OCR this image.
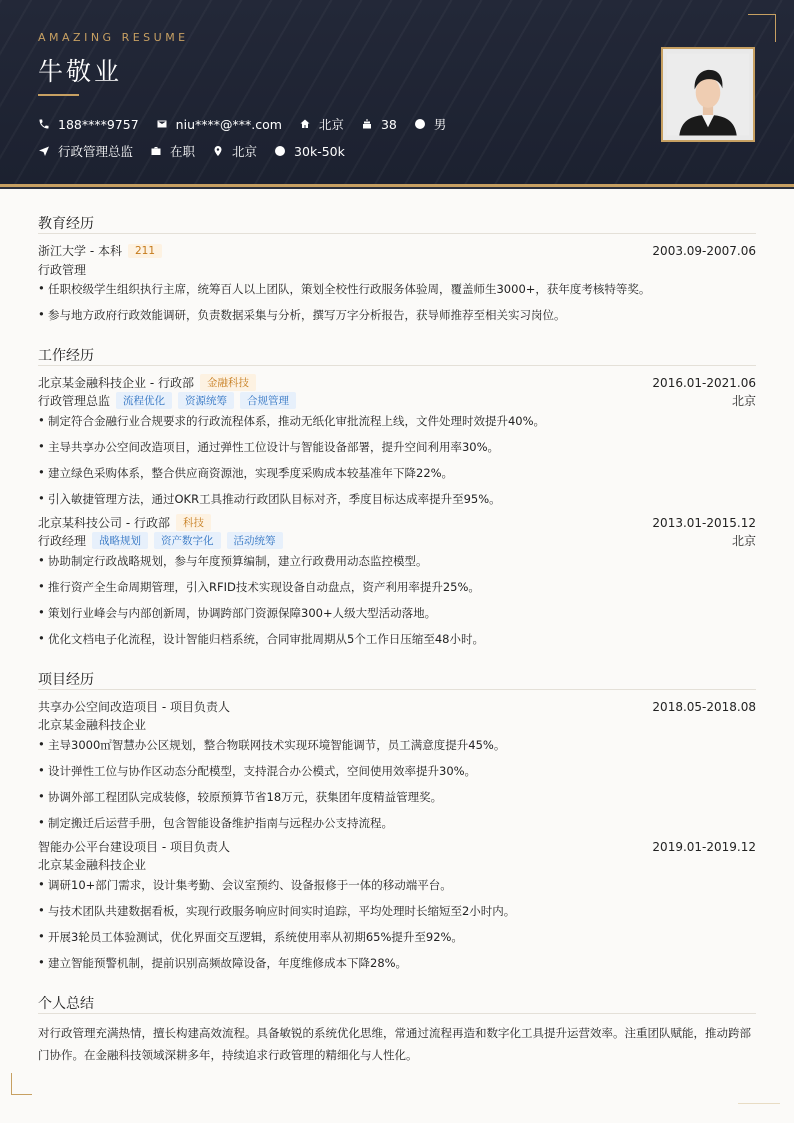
AMAZING RESUME
牛敬业
188****9757	niu****@***.com	北京	38	男
行政管理总监	在职	北京	30k-50k
教育经历
浙江大学 - 本科	211	2003.09-2007.06
行政管理
• 任职校级学生组织执行主席，统筹百人以上团队，策划全校性行政服务体验周，覆盖师生3000+，获年度考核特等奖。
• 参与地方政府行政效能调研，负责数据采集与分析，撰写万字分析报告，获导师推荐至相关实习岗位。
工作经历
北京某金融科技企业 - 行政部	金融科技	2016.01-2021.06
行政管理总监	流程优化	资源统筹	合规管理	北京
• 制定符合金融行业合规要求的行政流程体系，推动无纸化审批流程上线，文件处理时效提升40%。
• 主导共享办公空间改造项目，通过弹性工位设计与智能设备部署，提升空间利用率30%。
• 建立绿色采购体系，整合供应商资源池，实现季度采购成本较基准年下降22%。
• 引入敏捷管理方法，通过OKR工具推动行政团队目标对齐，季度目标达成率提升至95%。
北京某科技公司 - 行政部	科技	2013.01-2015.12
行政经理	战略规划	资产数字化	活动统筹	北京
• 协助制定行政战略规划，参与年度预算编制，建立行政费用动态监控模型。
• 推行资产全生命周期管理，引入RFID技术实现设备自动盘点，资产利用率提升25%。
• 策划行业峰会与内部创新周，协调跨部门资源保障300+人级大型活动落地。
• 优化文档电子化流程，设计智能归档系统，合同审批周期从5个工作日压缩至48小时。
项目经历
共享办公空间改造项目 - 项目负责人	2018.05-2018.08
北京某金融科技企业
• 主导3000㎡智慧办公区规划，整合物联网技术实现环境智能调节，员工满意度提升45%。
• 设计弹性工位与协作区动态分配模型，支持混合办公模式，空间使用效率提升30%。
• 协调外部工程团队完成装修，较原预算节省18万元，获集团年度精益管理奖。
• 制定搬迁后运营手册，包含智能设备维护指南与远程办公支持流程。
智能办公平台建设项目 - 项目负责人	2019.01-2019.12
北京某金融科技企业
• 调研10+部门需求，设计集考勤、会议室预约、设备报修于一体的移动端平台。
• 与技术团队共建数据看板，实现行政服务响应时间实时追踪，平均处理时长缩短至2小时内。
• 开展3轮员工体验测试，优化界面交互逻辑，系统使用率从初期65%提升至92%。
• 建立智能预警机制，提前识别高频故障设备，年度维修成本下降28%。
个人总结
对行政管理充满热情，擅长构建高效流程。具备敏锐的系统优化思维，常通过流程再造和数字化工具提升运营效率。注重团队赋能，推动跨部门协作。在金融科技领域深耕多年，持续追求行政管理的精细化与人性化。
